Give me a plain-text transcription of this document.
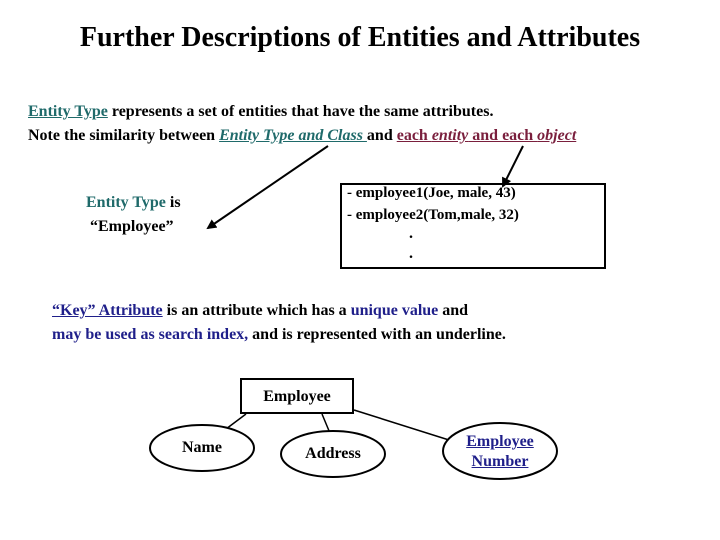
Further Descriptions of Entities and Attributes
Entity Type represents a set of entities that have the same attributes.
Note the similarity between Entity Type and Class and each entity and each object
Entity Type is
“Employee”
- employee1(Joe, male, 43)
- employee2(Tom,male, 32)
.
.
“Key” Attribute is an attribute which has a unique value and
may be used as search index, and is represented with an underline.
Employee
Name	Address
Employee
Number
